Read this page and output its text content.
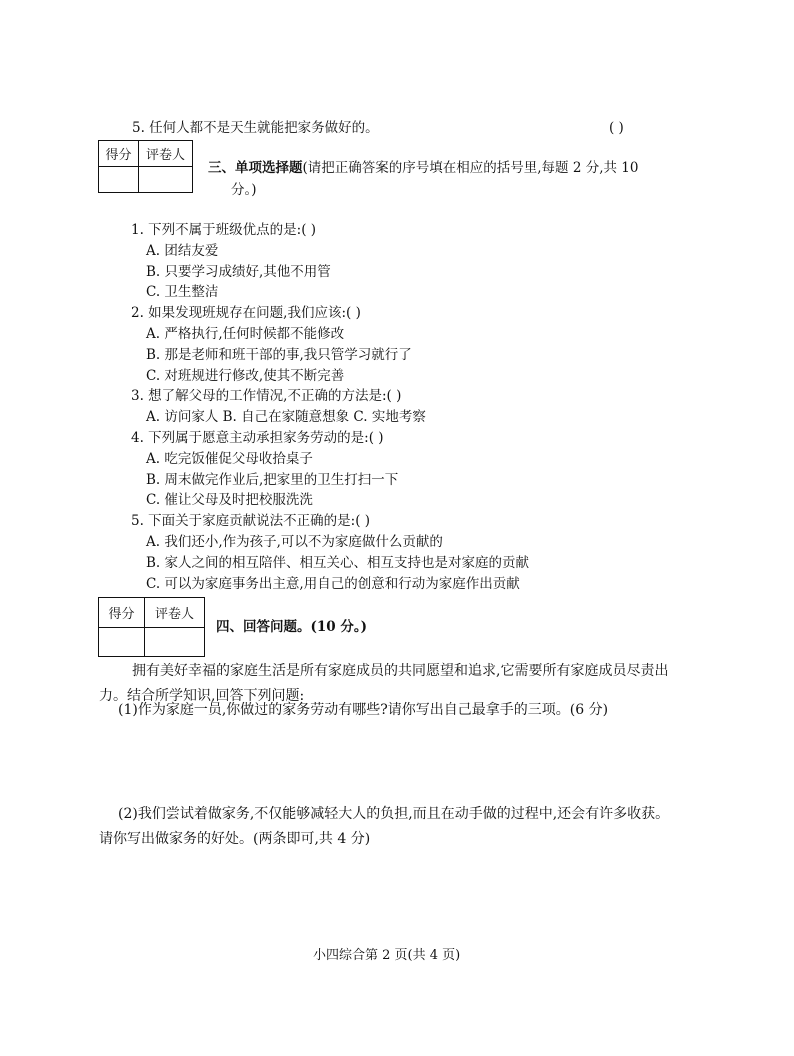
5. 任何人都不是天生就能把家务做好的。	( )
得分	评卷人

三、单项选择题(请把正确答案的序号填在相应的括号里,每题 2 分,共 10
分。)
1. 下列不属于班级优点的是:( )
A. 团结友爱
B. 只要学习成绩好,其他不用管
C. 卫生整洁
2. 如果发现班规存在问题,我们应该:( )
A. 严格执行,任何时候都不能修改
B. 那是老师和班干部的事,我只管学习就行了
C. 对班规进行修改,使其不断完善
3. 想了解父母的工作情况,不正确的方法是:( )
A. 访问家人 B. 自己在家随意想象 C. 实地考察
4. 下列属于愿意主动承担家务劳动的是:( )
A. 吃完饭催促父母收拾桌子
B. 周末做完作业后,把家里的卫生打扫一下
C. 催让父母及时把校服洗洗
5. 下面关于家庭贡献说法不正确的是:( )
A. 我们还小,作为孩子,可以不为家庭做什么贡献的
B. 家人之间的相互陪伴、相互关心、相互支持也是对家庭的贡献
C. 可以为家庭事务出主意,用自己的创意和行动为家庭作出贡献
得分	评卷人

四、回答问题。(10 分。)
拥有美好幸福的家庭生活是所有家庭成员的共同愿望和追求,它需要所有家庭成员尽责出力。结合所学知识,回答下列问题:
(1)作为家庭一员,你做过的家务劳动有哪些?请你写出自己最拿手的三项。(6 分)
(2)我们尝试着做家务,不仅能够减轻大人的负担,而且在动手做的过程中,还会有许多收获。请你写出做家务的好处。(两条即可,共 4 分)
小四综合第 2 页(共 4 页)
